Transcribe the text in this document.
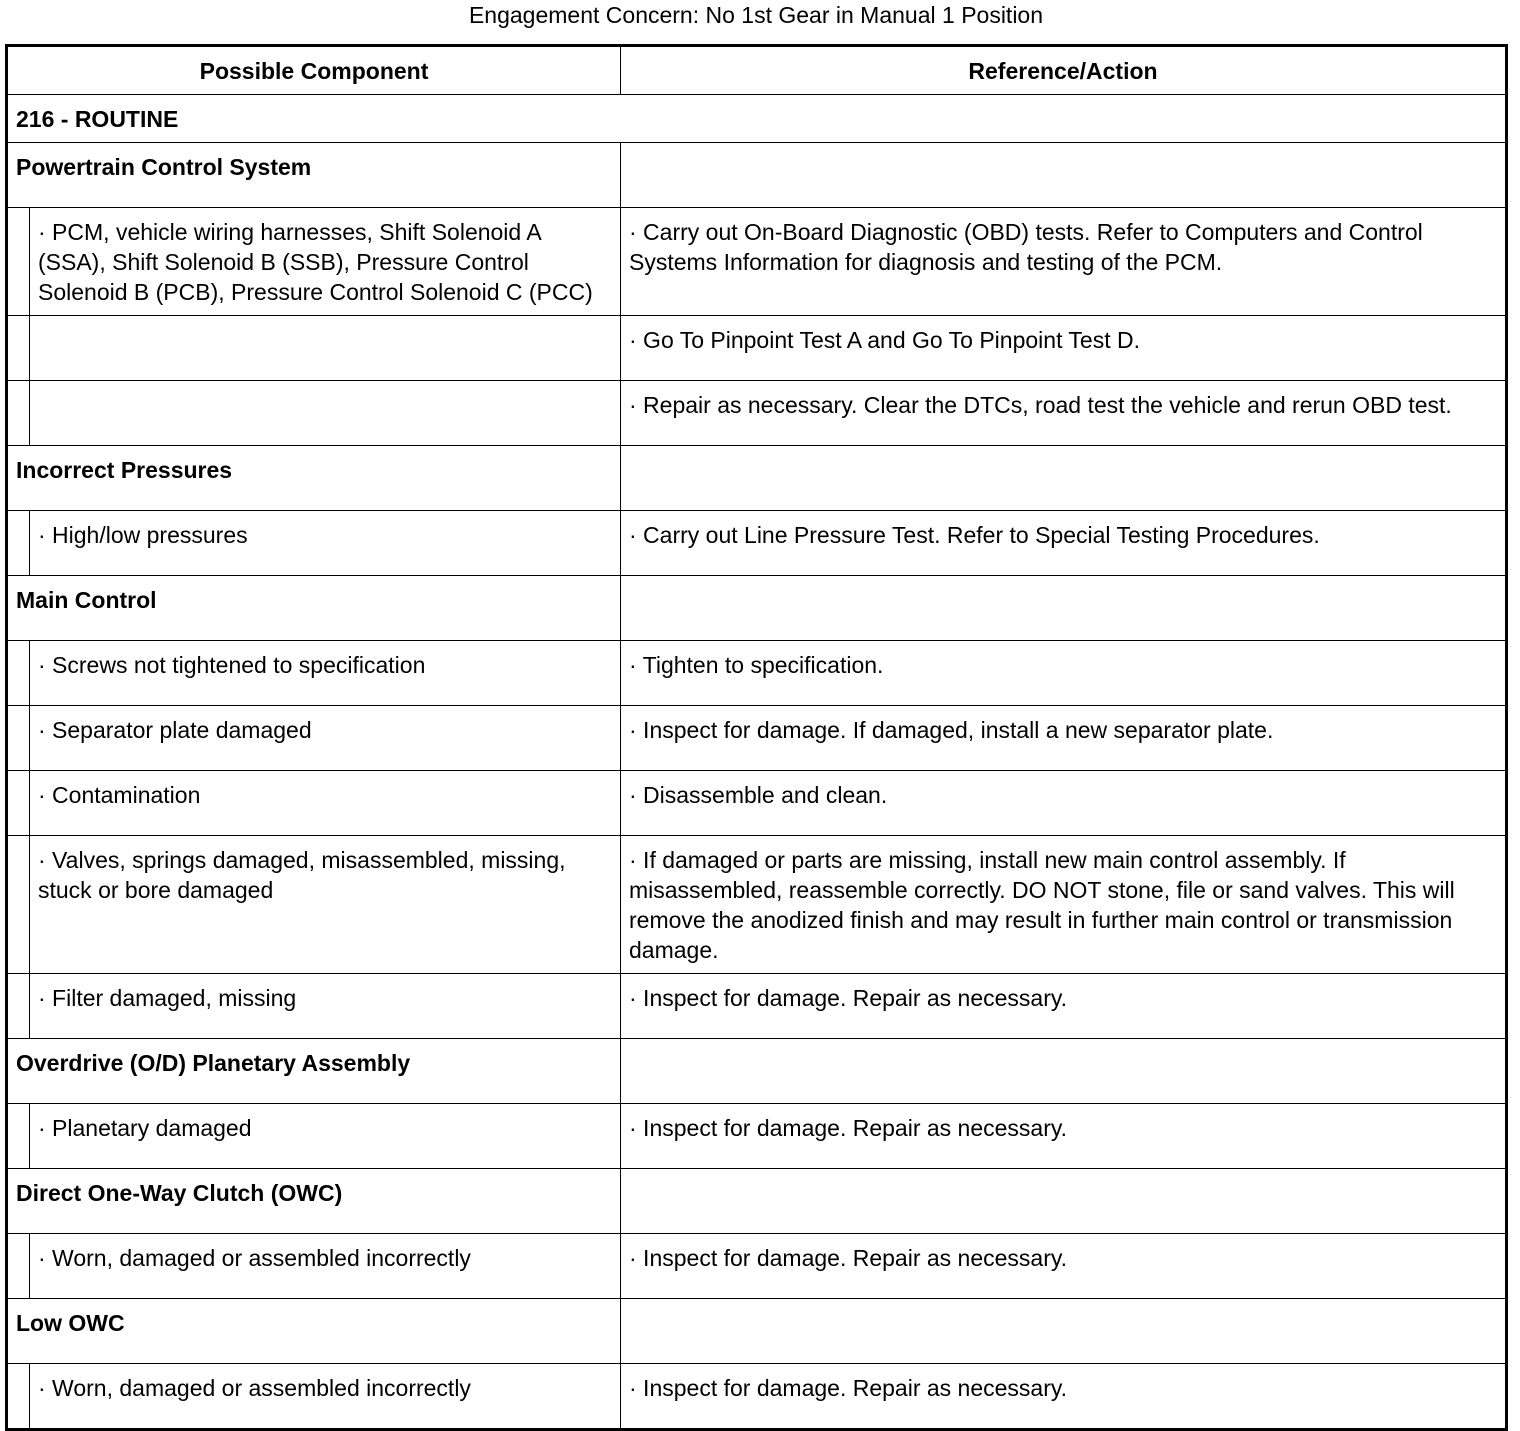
Engagement Concern: No 1st Gear in Manual 1 Position
Possible Component		Reference/Action
216 - ROUTINE		
Powertrain Control System		
	· PCM, vehicle wiring harnesses, Shift Solenoid A (SSA), Shift Solenoid B (SSB), Pressure Control Solenoid B (PCB), Pressure Control Solenoid C (PCC)	· Carry out On-Board Diagnostic (OBD) tests. Refer to Computers and Control Systems Information for diagnosis and testing of the PCM.
		· Go To Pinpoint Test A and Go To Pinpoint Test D.
		· Repair as necessary. Clear the DTCs, road test the vehicle and rerun OBD test.
Incorrect Pressures		
	· High/low pressures	· Carry out Line Pressure Test. Refer to Special Testing Procedures.
Main Control		
	· Screws not tightened to specification	· Tighten to specification.
	· Separator plate damaged	· Inspect for damage. If damaged, install a new separator plate.
	· Contamination	· Disassemble and clean.
	· Valves, springs damaged, misassembled, missing, stuck or bore damaged	· If damaged or parts are missing, install new main control assembly. If misassembled, reassemble correctly. DO NOT stone, file or sand valves. This will remove the anodized finish and may result in further main control or transmission damage.
	· Filter damaged, missing	· Inspect for damage. Repair as necessary.
Overdrive (O/D) Planetary Assembly		
	· Planetary damaged	· Inspect for damage. Repair as necessary.
Direct One-Way Clutch (OWC)		
	· Worn, damaged or assembled incorrectly	· Inspect for damage. Repair as necessary.
Low OWC		
	· Worn, damaged or assembled incorrectly	· Inspect for damage. Repair as necessary.
